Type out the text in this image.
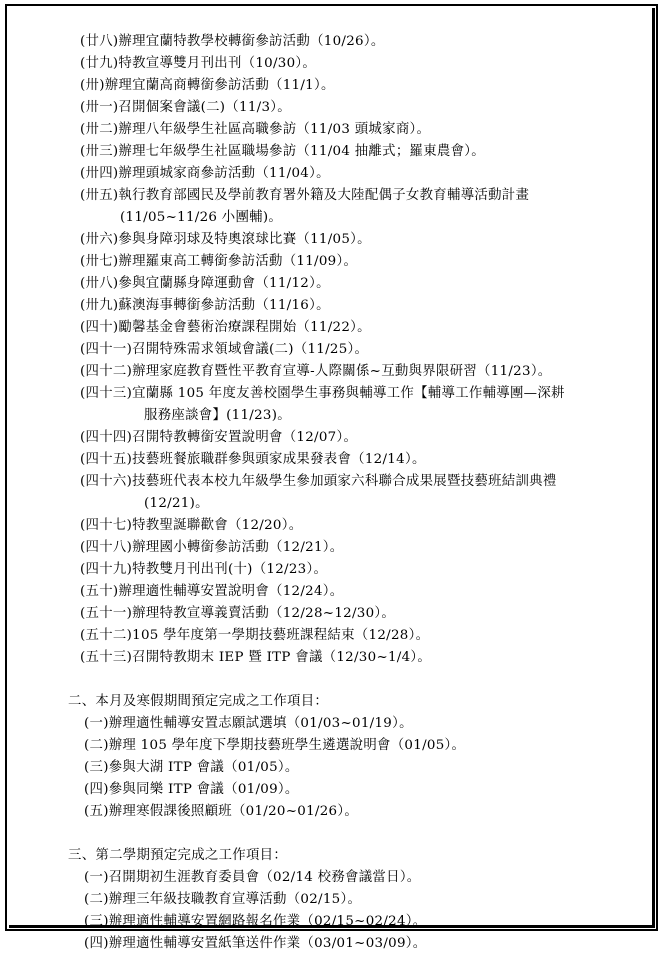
(廿八)辦理宜蘭特教學校轉銜參訪活動（10/26）。
(廿九)特教宣導雙月刊出刊（10/30）。
(卅)辦理宜蘭高商轉銜參訪活動（11/1）。
(卅一)召開個案會議(二)（11/3）。
(卅二)辦理八年級學生社區高職參訪（11/03 頭城家商）。
(卅三)辦理七年級學生社區職場參訪（11/04 抽離式；羅東農會）。
(卅四)辦理頭城家商參訪活動（11/04）。
(卅五)執行教育部國民及學前教育署外籍及大陸配偶子女教育輔導活動計畫
(11/05~11/26 小團輔)。
(卅六)參與身障羽球及特奧滾球比賽（11/05）。
(卅七)辦理羅東高工轉銜參訪活動（11/09）。
(卅八)參與宜蘭縣身障運動會（11/12）。
(卅九)蘇澳海事轉銜參訪活動（11/16）。
(四十)勵馨基金會藝術治療課程開始（11/22）。
(四十一)召開特殊需求領域會議(二)（11/25）。
(四十二)辦理家庭教育暨性平教育宣導-人際關係~互動與界限研習（11/23）。
(四十三)宜蘭縣 105 年度友善校園學生事務與輔導工作【輔導工作輔導團—深耕
服務座談會】(11/23)。
(四十四)召開特教轉銜安置說明會（12/07）。
(四十五)技藝班餐旅職群參與頭家成果發表會（12/14）。
(四十六)技藝班代表本校九年級學生參加頭家六科聯合成果展暨技藝班結訓典禮
(12/21)。
(四十七)特教聖誕聯歡會（12/20）。
(四十八)辦理國小轉銜參訪活動（12/21）。
(四十九)特教雙月刊出刊(十)（12/23）。
(五十)辦理適性輔導安置說明會（12/24）。
(五十一)辦理特教宣導義賣活動（12/28~12/30）。
(五十二)105 學年度第一學期技藝班課程結束（12/28）。
(五十三)召開特教期末 IEP 暨 ITP 會議（12/30~1/4）。
二、本月及寒假期間預定完成之工作項目：
(一)辦理適性輔導安置志願試選填（01/03~01/19）。
(二)辦理 105 學年度下學期技藝班學生遴選說明會（01/05）。
(三)參與大湖 ITP 會議（01/05）。
(四)參與同樂 ITP 會議（01/09）。
(五)辦理寒假課後照顧班（01/20~01/26）。
三、第二學期預定完成之工作項目：
(一)召開期初生涯教育委員會（02/14 校務會議當日）。
(二)辦理三年級技職教育宣導活動（02/15）。
(三)辦理適性輔導安置網路報名作業（02/15~02/24）。
(四)辦理適性輔導安置紙筆送件作業（03/01~03/09）。
